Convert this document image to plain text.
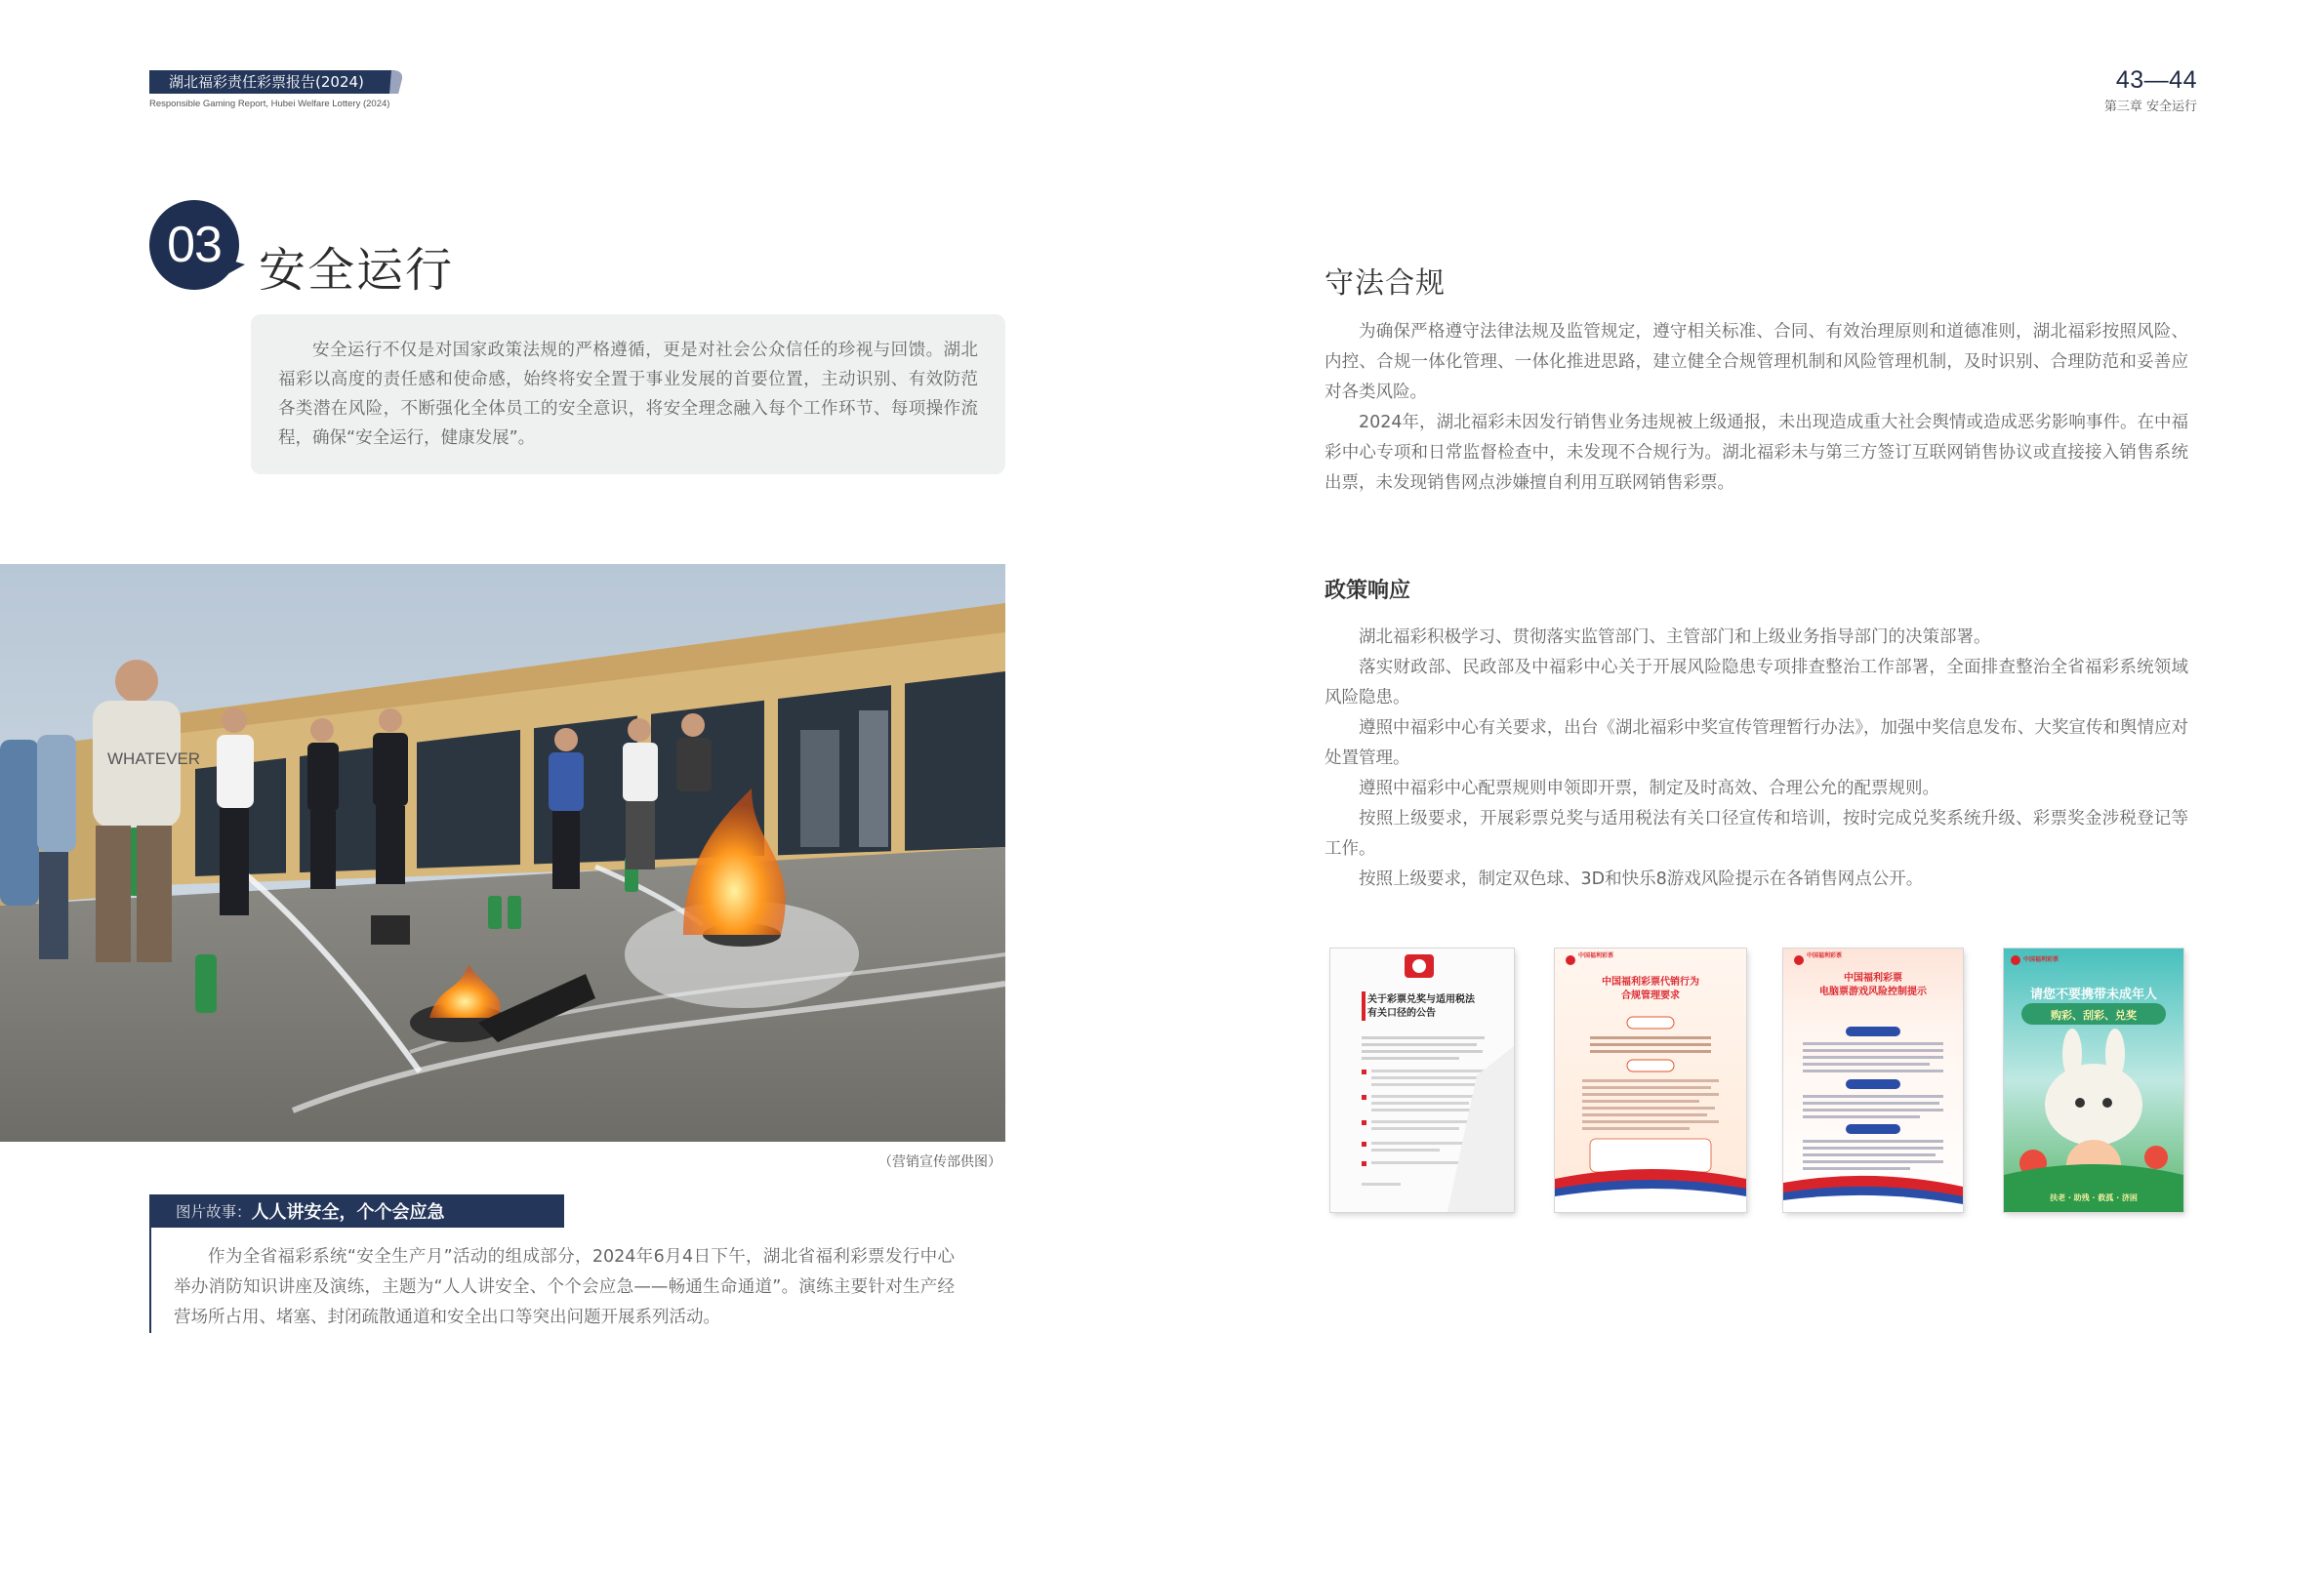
湖北福彩责任彩票报告(2024)
Responsible Gaming Report, Hubei Welfare Lottery (2024)
43—44
第三章 安全运行
03 安全运行

安全运行不仅是对国家政策法规的严格遵循，更是对社会公众信任的珍视与回馈。湖北福彩以高度的责任感和使命感，始终将安全置于事业发展的首要位置，主动识别、有效防范各类潜在风险，不断强化全体员工的安全意识，将安全理念融入每个工作环节、每项操作流程，确保“安全运行，健康发展”。

WHATEVER
（营销宣传部供图）
图片故事： 人人讲安全，个个会应急

作为全省福彩系统“安全生产月”活动的组成部分，2024年6月4日下午，湖北省福利彩票发行中心举办消防知识讲座及演练，主题为“人人讲安全、个个会应急——畅通生命通道”。演练主要针对生产经营场所占用、堵塞、封闭疏散通道和安全出口等突出问题开展系列活动。

守法合规

为确保严格遵守法律法规及监管规定，遵守相关标准、合同、有效治理原则和道德准则，湖北福彩按照风险、内控、合规一体化管理、一体化推进思路，建立健全合规管理机制和风险管理机制，及时识别、合理防范和妥善应对各类风险。

2024年，湖北福彩未因发行销售业务违规被上级通报，未出现造成重大社会舆情或造成恶劣影响事件。在中福彩中心专项和日常监督检查中，未发现不合规行为。湖北福彩未与第三方签订互联网销售协议或直接接入销售系统出票，未发现销售网点涉嫌擅自利用互联网销售彩票。

政策响应

湖北福彩积极学习、贯彻落实监管部门、主管部门和上级业务指导部门的决策部署。

落实财政部、民政部及中福彩中心关于开展风险隐患专项排查整治工作部署，全面排查整治全省福彩系统领域风险隐患。

遵照中福彩中心有关要求，出台《湖北福彩中奖宣传管理暂行办法》，加强中奖信息发布、大奖宣传和舆情应对处置管理。

遵照中福彩中心配票规则申领即开票，制定及时高效、合理公允的配票规则。

按照上级要求，开展彩票兑奖与适用税法有关口径宣传和培训，按时完成兑奖系统升级、彩票奖金涉税登记等工作。

按照上级要求，制定双色球、3D和快乐8游戏风险提示在各销售网点公开。

关于彩票兑奖与适用税法
有关口径的公告
中国福利彩票
中国福利彩票代销行为
合规管理要求
中国福利彩票
中国福利彩票
电脑票游戏风险控制提示
中国福利彩票
请您不要携带未成年人
购彩、刮彩、兑奖
扶老 · 助残 · 救孤 · 济困
